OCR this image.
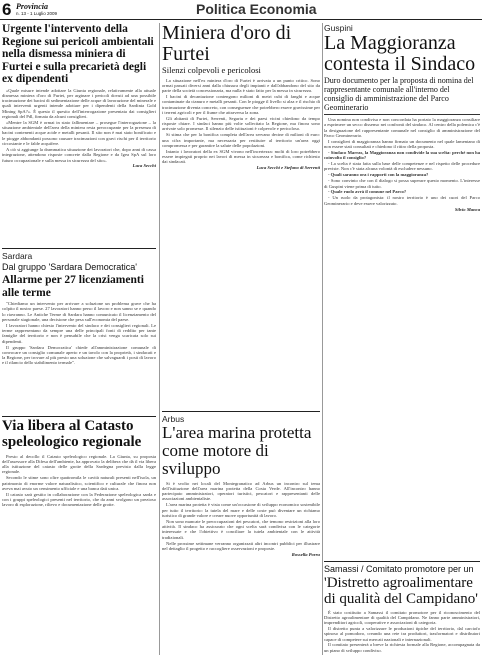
6 Provincia
n. 13 - 1 Luglio 2009	Politica Economia
Urgente l'intervento della Regione sui pericoli ambientali nella dismessa miniera di Furtei e sulla precarietà degli ex dipendenti

«Quale misure intende adottare la Giunta regionale, relativamente alla attuale dismessa miniera d'oro di Furtei, per arginare i pericoli dovuti ad una possibile tracimazione dei bacini di sedimentazione delle acque di lavorazione del minerale e quali interventi urgenti intende adottare per i dipendenti della Sardinia Gold Mining SpA?». È questo il quesito dell'interrogazione presentata dai consiglieri regionali del Pdl, firmata da alcuni consiglieri.

«Mentre la SGM è ormai in stato fallimentare – prosegue l'interrogazione – la situazione ambientale dell'area della miniera resta preoccupante per la presenza di bacini contenenti acque acide e metalli pesanti. Il sito non è mai stato bonificato e le piogge abbondanti possono causare tracimazioni con gravi rischi per il territorio circostante e le falde acquifere.

A ciò si aggiunge la drammatica situazione dei lavoratori che, dopo anni di cassa integrazione, attendono risposte concrete dalla Regione e da Igea SpA sul loro futuro occupazionale e sulla messa in sicurezza del sito».

Luca Secchi
Sardara
Dal gruppo 'Sardara Democratica'
Allarme per 27 licenziamenti alle terme

"Chiediamo un intervento per arrivare a soluzione un problema grave che ha colpito il nostro paese. 27 lavoratori hanno perso il lavoro e non sanno se e quando lo riavranno. Le Antiche Terme di Sardara hanno comunicato il licenziamento del personale stagionale, una decisione che pesa sull'economia del paese.

I lavoratori hanno chiesto l'intervento del sindaco e dei consiglieri regionali. Le terme rappresentano da sempre una delle principali fonti di reddito per tante famiglie del territorio e non è pensabile che la crisi venga scaricata solo sui dipendenti.

Il gruppo 'Sardara Democratica' chiede all'amministrazione comunale di convocare un consiglio comunale aperto e un tavolo con la proprietà, i sindacati e la Regione, per trovare al più presto una soluzione che salvaguardi i posti di lavoro e il rilancio dello stabilimento termale".

Via libera al Catasto speleologico regionale

Presto al decollo il Catasto speleologico regionale. La Giunta, su proposta dell'assessore alla Difesa dell'ambiente, ha approvato la delibera che dà il via libera alla istituzione del catasto delle grotte della Sardegna previsto dalla legge regionale.

Secondo le stime sono oltre quattromila le cavità naturali presenti nell'isola, un patrimonio di enorme valore naturalistico, scientifico e culturale che finora non aveva mai avuto un censimento ufficiale e una banca dati unica.

Il catasto sarà gestito in collaborazione con la Federazione speleologica sarda e con i gruppi speleologici presenti nel territorio, che da anni svolgono un prezioso lavoro di esplorazione, rilievo e documentazione delle grotte.

Miniera d'oro di Furtei
Silenzi colpevoli e pericolosi

La situazione nell'ex miniera d'oro di Furtei è arrivata a un punto critico. Sono ormai passati diversi anni dalla chiusura degli impianti e dall'abbandono del sito da parte della società concessionaria, ma nulla è stato fatto per la messa in sicurezza.

I bacini di decantazione contengono milioni di metri cubi di fanghi e acque contaminate da cianuro e metalli pesanti. Con le piogge il livello si alza e il rischio di tracimazione diventa concreto, con conseguenze che potrebbero essere gravissime per i terreni agricoli e per il fiume che attraversa la zona.

Gli abitanti di Furtei, Serrenti, Segariu e dei paesi vicini chiedono da tempo risposte chiare. I sindaci hanno più volte sollecitato la Regione, ma finora sono arrivate solo promesse. Il silenzio delle istituzioni è colpevole e pericoloso.

Si stima che per la bonifica completa dell'area servano decine di milioni di euro: una cifra importante, ma necessaria per restituire al territorio un'area oggi compromessa e per garantire la salute delle popolazioni.

Intanto i lavoratori della ex SGM vivono nell'incertezza: molti di loro potrebbero essere impiegati proprio nei lavori di messa in sicurezza e bonifica, come richiesto dai sindacati.

Luca Secchi e Stefano di Serrenti
Arbus
L'area marina protetta come motore di sviluppo

Si è svolto nei locali del Montegranatico ad Arbus un incontro sul tema dell'istituzione dell'area marina protetta della Costa Verde. All'incontro hanno partecipato amministratori, operatori turistici, pescatori e rappresentanti delle associazioni ambientaliste.

L'area marina protetta è vista come un'occasione di sviluppo economico sostenibile per tutto il territorio: la tutela del mare e delle coste può diventare un richiamo turistico di grande valore e creare nuove opportunità di lavoro.

Non sono mancate le preoccupazioni dei pescatori, che temono restrizioni alla loro attività. Il sindaco ha assicurato che ogni scelta sarà condivisa con le categorie interessate e che l'obiettivo è conciliare la tutela ambientale con le attività tradizionali.

Nelle prossime settimane verranno organizzati altri incontri pubblici per illustrare nel dettaglio il progetto e raccogliere osservazioni e proposte.

Rossella Porru
Guspini
La Maggioranza contesta il Sindaco
Duro documento per la proposta di nomina del rappresentante comunale all'interno del consiglio di amministrazione del Parco Geominerario

Una nomina non condivisa e non concordata ha portato la maggioranza consiliare a esprimere un secco dissenso nei confronti del sindaco. Al centro della polemica c'è la designazione del rappresentante comunale nel consiglio di amministrazione del Parco Geominerario.

I consiglieri di maggioranza hanno firmato un documento nel quale lamentano di non essere stati consultati e chiedono il ritiro della proposta.

- Sindaco Marras, la Maggioranza non condivide la sua scelta: perché non ha coinvolto il consiglio?

- La scelta è stata fatta sulla base delle competenze e nel rispetto delle procedure previste. Non c'è stata alcuna volontà di escludere nessuno.

- Quali saranno ora i rapporti con la maggioranza?

- Sono convinto che con il dialogo si possa superare questo momento. L'interesse di Guspini viene prima di tutto.

- Quale ruolo avrà il comune nel Parco?

- Un ruolo da protagonista: il nostro territorio è uno dei cuori del Parco Geominerario e deve essere valorizzato.

Silvio Manca
Samassi / Comitato promotore per un
'Distretto agroalimentare di qualità del Campidano'

È stato costituito a Samassi il comitato promotore per il riconoscimento del Distretto agroalimentare di qualità del Campidano. Ne fanno parte amministratori, imprenditori agricoli, cooperative e associazioni di categoria.

Il distretto punta a valorizzare le produzioni tipiche del territorio, dal carciofo spinoso al pomodoro, creando una rete tra produttori, trasformatori e distributori capace di competere sui mercati nazionali e internazionali.

Il comitato presenterà a breve la richiesta formale alla Regione, accompagnata da un piano di sviluppo condiviso.
